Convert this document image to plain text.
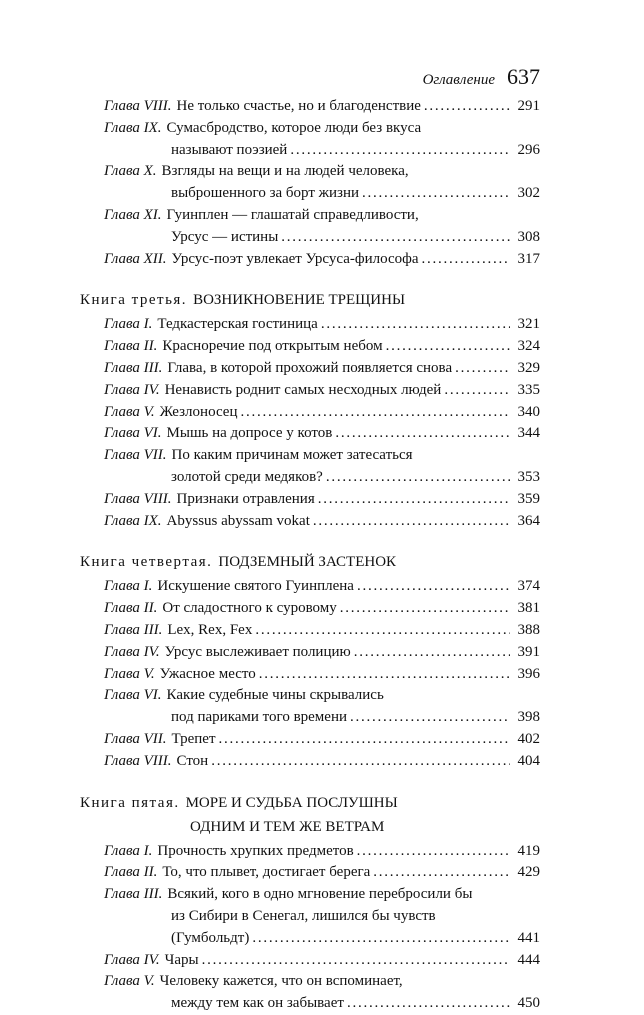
Оглавление 637
Глава VIII. Не только счастье, но и благоденствие . . .	291
Глава IX. Сумасбродство, которое люди без вкуса
называют поэзией . . .	296
Глава X. Взгляды на вещи и на людей человека,
выброшенного за борт жизни . . .	302
Глава XI. Гуинплен — глашатай справедливости,
Урсус — истины . . .	308
Глава XII. Урсус-поэт увлекает Урсуса-философа . . .	317
Книга третья. ВОЗНИКНОВЕНИЕ ТРЕЩИНЫ
Глава I. Тедкастерская гостиница . . .	321
Глава II. Красноречие под открытым небом . . .	324
Глава III. Глава, в которой прохожий появляется снова . . .	329
Глава IV. Ненависть роднит самых несходных людей . . .	335
Глава V. Жезлоносец . . .	340
Глава VI. Мышь на допросе у котов . . .	344
Глава VII. По каким причинам может затесаться
золотой среди медяков? . . .	353
Глава VIII. Признаки отравления . . .	359
Глава IX. Abyssus abyssam vokat . . .	364
Книга четвертая. ПОДЗЕМНЫЙ ЗАСТЕНОК
Глава I. Искушение святого Гуинплена . . .	374
Глава II. От сладостного к суровому . . .	381
Глава III. Lex, Rex, Fex . . .	388
Глава IV. Урсус выслеживает полицию . . .	391
Глава V. Ужасное место . . .	396
Глава VI. Какие судебные чины скрывались
под париками того времени . . .	398
Глава VII. Трепет . . .	402
Глава VIII. Стон . . .	404
Книга пятая. МОРЕ И СУДЬБА ПОСЛУШНЫ
ОДНИМ И ТЕМ ЖЕ ВЕТРАМ
Глава I. Прочность хрупких предметов . . .	419
Глава II. То, что плывет, достигает берега . . .	429
Глава III. Всякий, кого в одно мгновение перебросили бы
из Сибири в Сенегал, лишился бы чувств
(Гумбольдт) . . .	441
Глава IV. Чары . . .	444
Глава V. Человеку кажется, что он вспоминает,
между тем как он забывает . . .	450
